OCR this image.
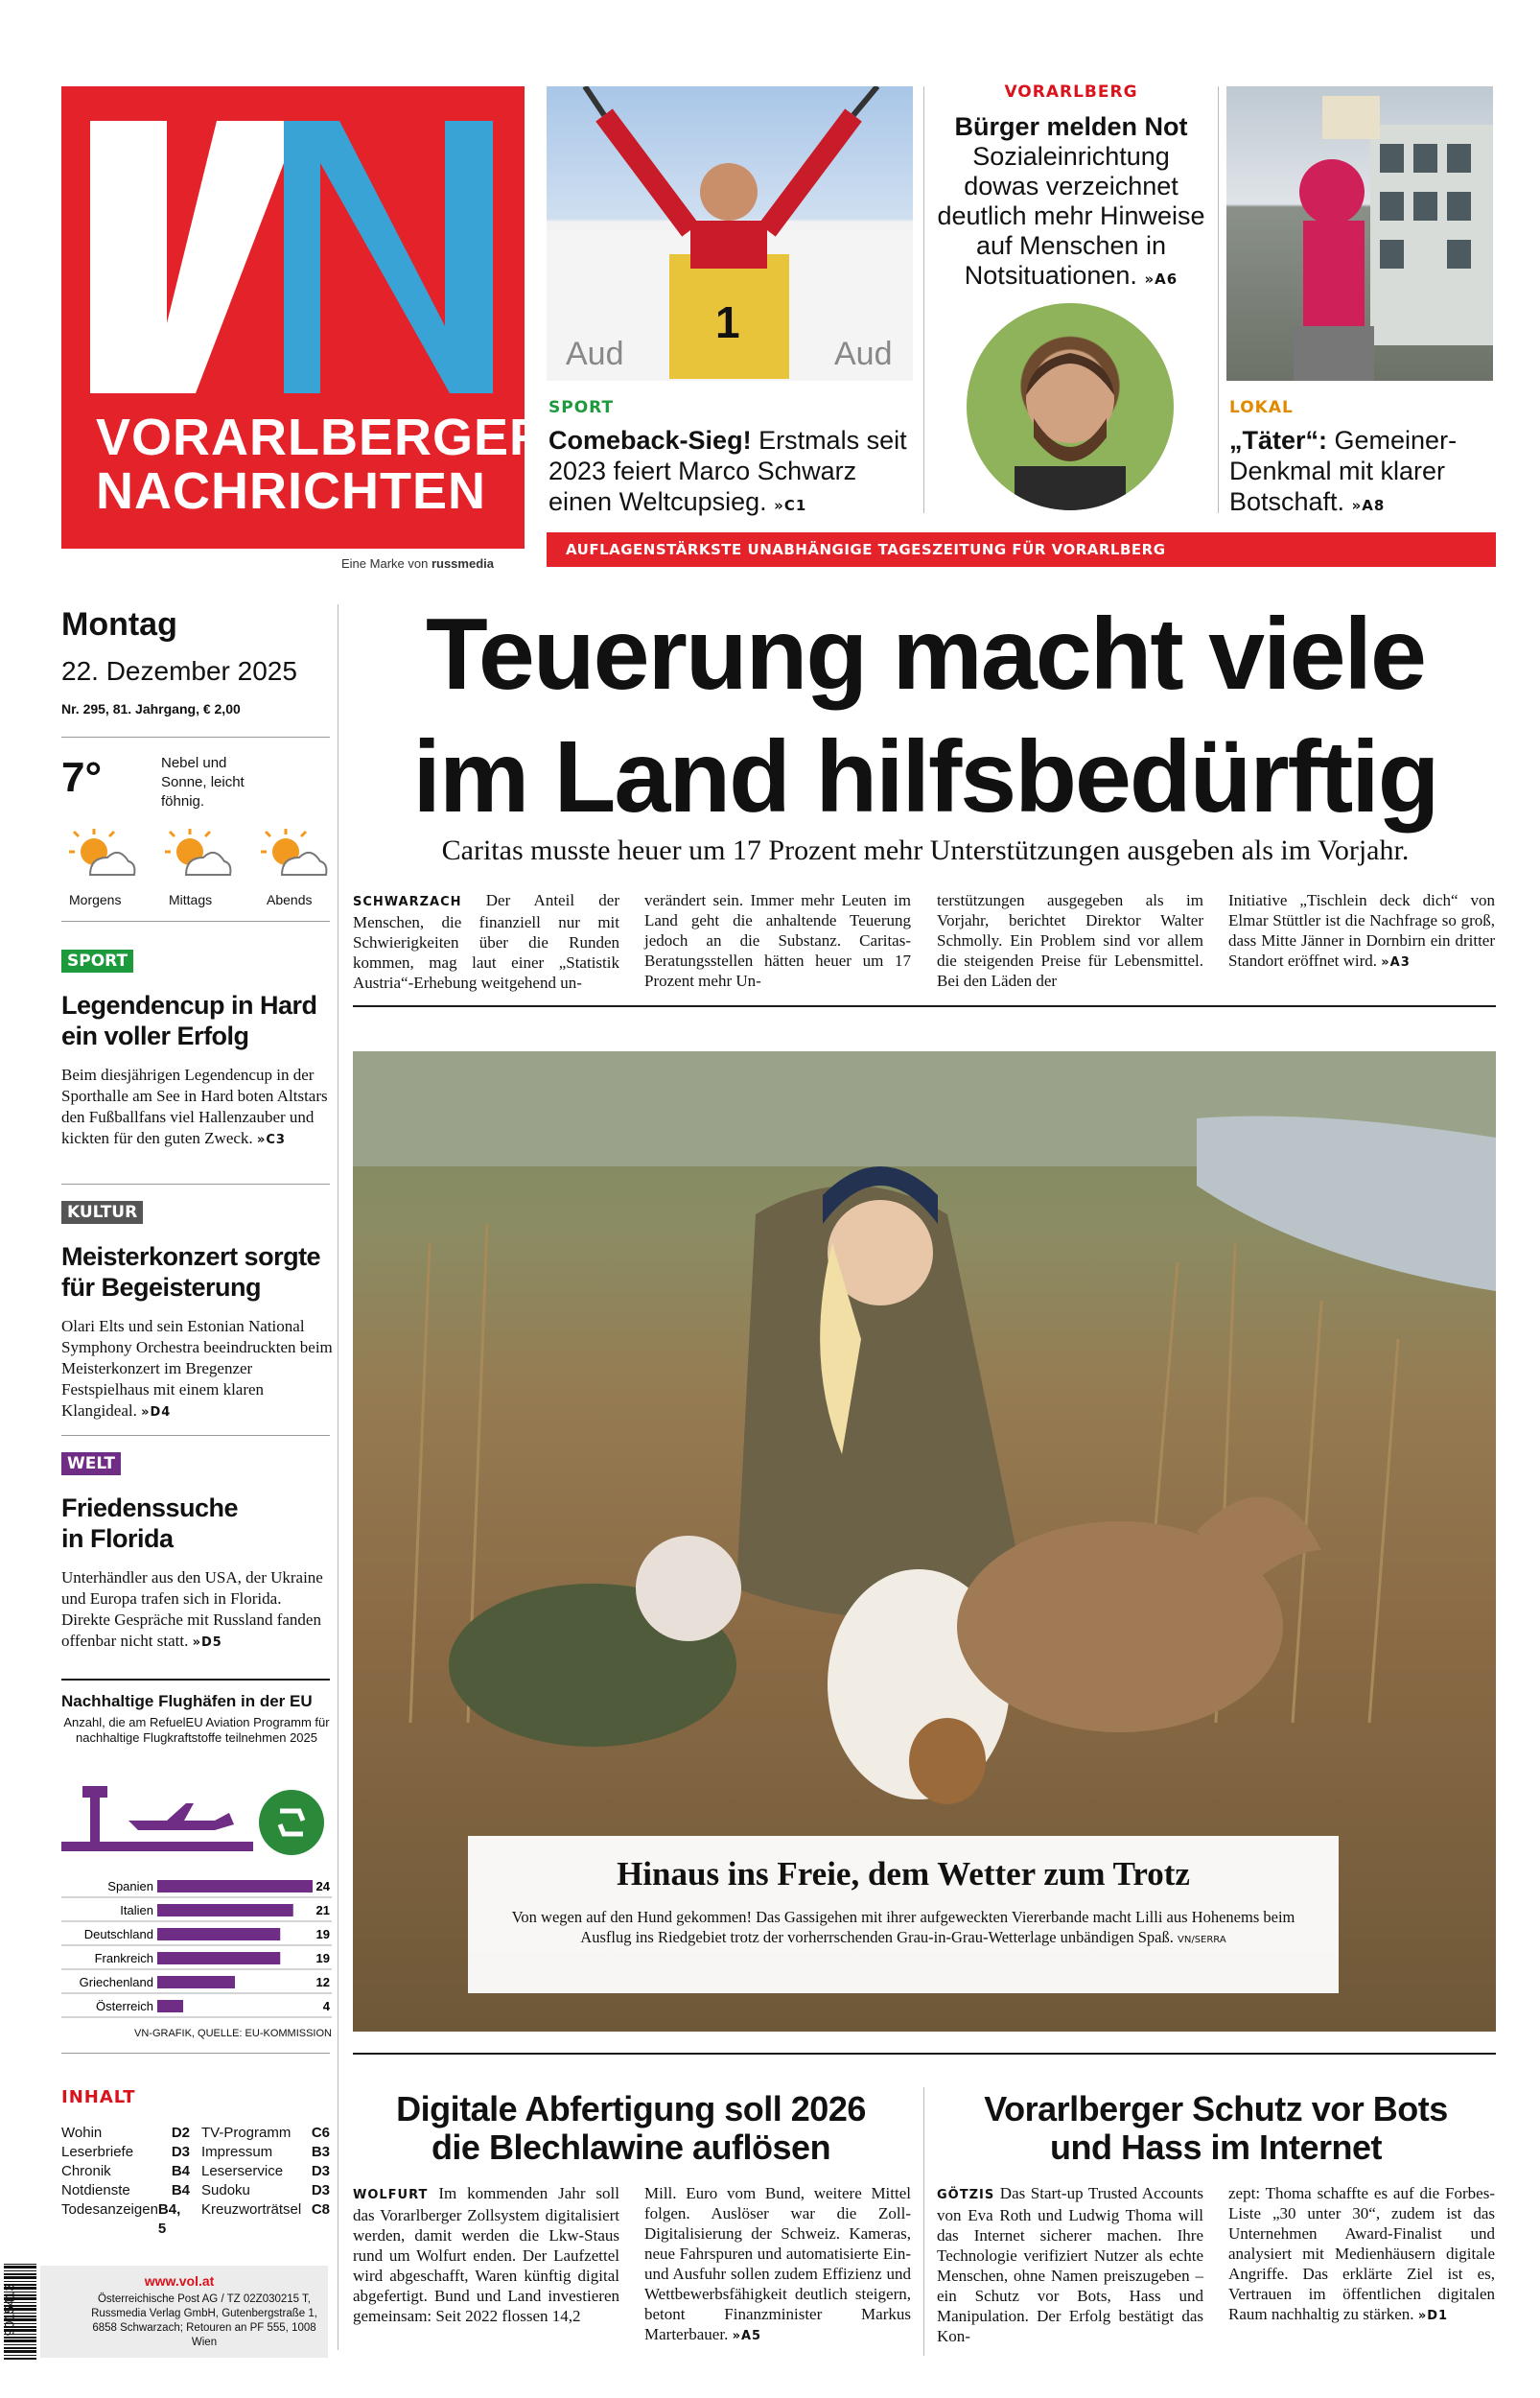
VORARLBERGER
NACHRICHTEN
Eine Marke von russmedia
Aud	Aud
1
SPORT
Comeback-Sieg! Erstmals seit 2023 feiert Marco Schwarz einen Weltcupsieg. »C1
VORARLBERG
Bürger melden Not
Sozialeinrichtung dowas verzeichnet deutlich mehr Hinweise auf Menschen in Notsituationen. »A6
LOKAL
„Täter“: Gemeiner-Denkmal mit klarer Botschaft. »A8
AUFLAGENSTÄRKSTE UNABHÄNGIGE TAGESZEITUNG FÜR VORARLBERG
Montag
22. Dezember 2025
Nr. 295, 81. Jahrgang, € 2,00
7°	Nebel und Sonne, leicht föhnig.
Morgens	Mittags	Abends
SPORT
Legendencup in Hard ein voller Erfolg
Beim diesjährigen Legendencup in der Sporthalle am See in Hard boten Altstars den Fußballfans viel Hallenzauber und kickten für den guten Zweck. »C3
KULTUR
Meisterkonzert sorgte für Begeisterung
Olari Elts und sein Estonian National Symphony Orchestra beeindruckten beim Meisterkonzert im Bregenzer Festspielhaus mit einem klaren Klangideal. »D4
WELT
Friedenssuche in Florida
Unterhändler aus den USA, der Ukraine und Europa trafen sich in Florida. Direkte Gespräche mit Russland fanden offenbar nicht statt. »D5
Nachhaltige Flughäfen in der EU
Anzahl, die am RefuelEU Aviation Programm für nachhaltige Flugkraftstoffe teilnehmen 2025
Spanien	24
Italien	21
Deutschland	19
Frankreich	19
Griechenland	12
Österreich	4
VN-GRAFIK, QUELLE: EU-KOMMISSION
INHALT
Wohin	D2
Leserbriefe	D3
Chronik	B4
Notdienste	B4
Todesanzeigen B4, 5
TV-Programm C6
Impressum	B3
Leserservice D3
Sudoku	D3
Kreuzworträtsel C8
www.vol.at
Österreichische Post AG / TZ 02Z030215 T, Russmedia Verlag GmbH, Gutenbergstraße 1, 6858 Schwarzach; Retouren an PF 555, 1008 Wien
9015413
Teuerung macht viele
im Land hilfsbedürftig
Caritas musste heuer um 17 Prozent mehr Unterstützungen ausgeben als im Vorjahr.
SCHWARZACH Der Anteil der Menschen, die finanziell nur mit Schwierigkeiten über die Runden kommen, mag laut einer „Statistik Austria“-Erhebung weitgehend un-
verändert sein. Immer mehr Leuten im Land geht die anhaltende Teuerung jedoch an die Substanz. Caritas-Beratungsstellen hätten heuer um 17 Prozent mehr Un-
terstützungen ausgegeben als im Vorjahr, berichtet Direktor Walter Schmolly. Ein Problem sind vor allem die steigenden Preise für Lebensmittel. Bei den Läden der
Initiative „Tischlein deck dich“ von Elmar Stüttler ist die Nachfrage so groß, dass Mitte Jänner in Dornbirn ein dritter Standort eröffnet wird. »A3
Hinaus ins Freie, dem Wetter zum Trotz
Von wegen auf den Hund gekommen! Das Gassigehen mit ihrer aufgeweckten Viererbande macht Lilli aus Hohenems beim Ausflug ins Riedgebiet trotz der vorherrschenden Grau-in-Grau-Wetterlage unbändigen Spaß. VN/SERRA
Digitale Abfertigung soll 2026
die Blechlawine auflösen
WOLFURT Im kommenden Jahr soll das Vorarlberger Zollsystem digitalisiert werden, damit werden die Lkw-Staus rund um Wolfurt enden. Der Laufzettel wird abgeschafft, Waren künftig digital abgefertigt. Bund und Land investieren gemeinsam: Seit 2022 flossen 14,2
Mill. Euro vom Bund, weitere Mittel folgen. Auslöser war die Zoll-Digitalisierung der Schweiz. Kameras, neue Fahrspuren und automatisierte Ein- und Ausfuhr sollen zudem Effizienz und Wettbewerbsfähigkeit deutlich steigern, betont Finanzminister Markus Marterbauer. »A5
Vorarlberger Schutz vor Bots
und Hass im Internet
GÖTZIS Das Start-up Trusted Accounts von Eva Roth und Ludwig Thoma will das Internet sicherer machen. Ihre Technologie verifiziert Nutzer als echte Menschen, ohne Namen preiszugeben – ein Schutz vor Bots, Hass und Manipulation. Der Erfolg bestätigt das Kon-
zept: Thoma schaffte es auf die Forbes-Liste „30 unter 30“, zudem ist das Unternehmen Award-Finalist und analysiert mit Medienhäusern digitale Angriffe. Das erklärte Ziel ist es, Vertrauen im öffentlichen digitalen Raum nachhaltig zu stärken. »D1
